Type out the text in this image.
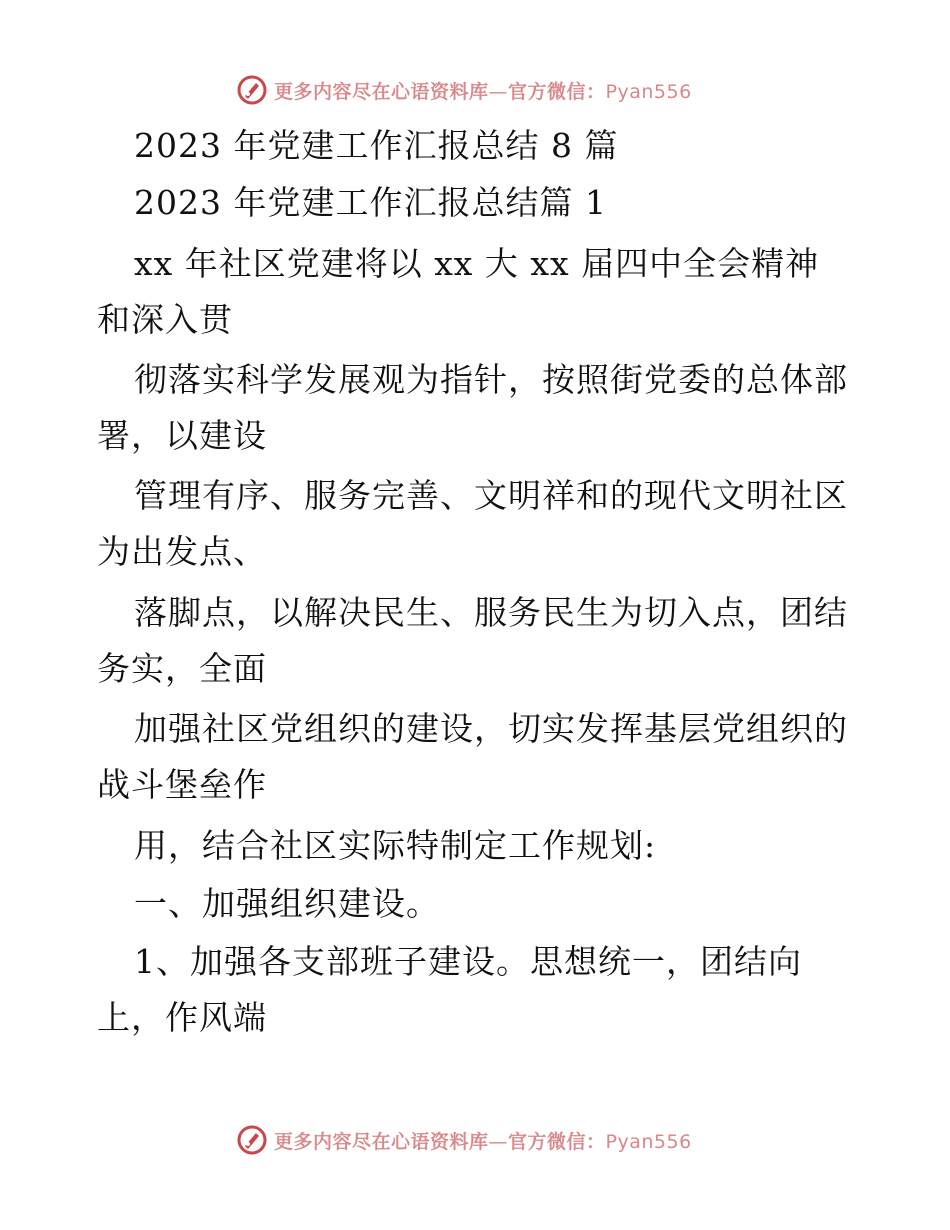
更多内容尽在心语资料库—官方微信：Pyan556
2023 年党建工作汇报总结 8 篇
2023 年党建工作汇报总结篇 1
xx 年社区党建将以 xx 大 xx 届四中全会精神
和深入贯
彻落实科学发展观为指针，按照街党委的总体部
署，以建设
管理有序、服务完善、文明祥和的现代文明社区
为出发点、
落脚点，以解决民生、服务民生为切入点，团结
务实，全面
加强社区党组织的建设，切实发挥基层党组织的
战斗堡垒作
用，结合社区实际特制定工作规划:
一、加强组织建设。
1、加强各支部班子建设。思想统一，团结向
上，作风端
更多内容尽在心语资料库—官方微信：Pyan556
